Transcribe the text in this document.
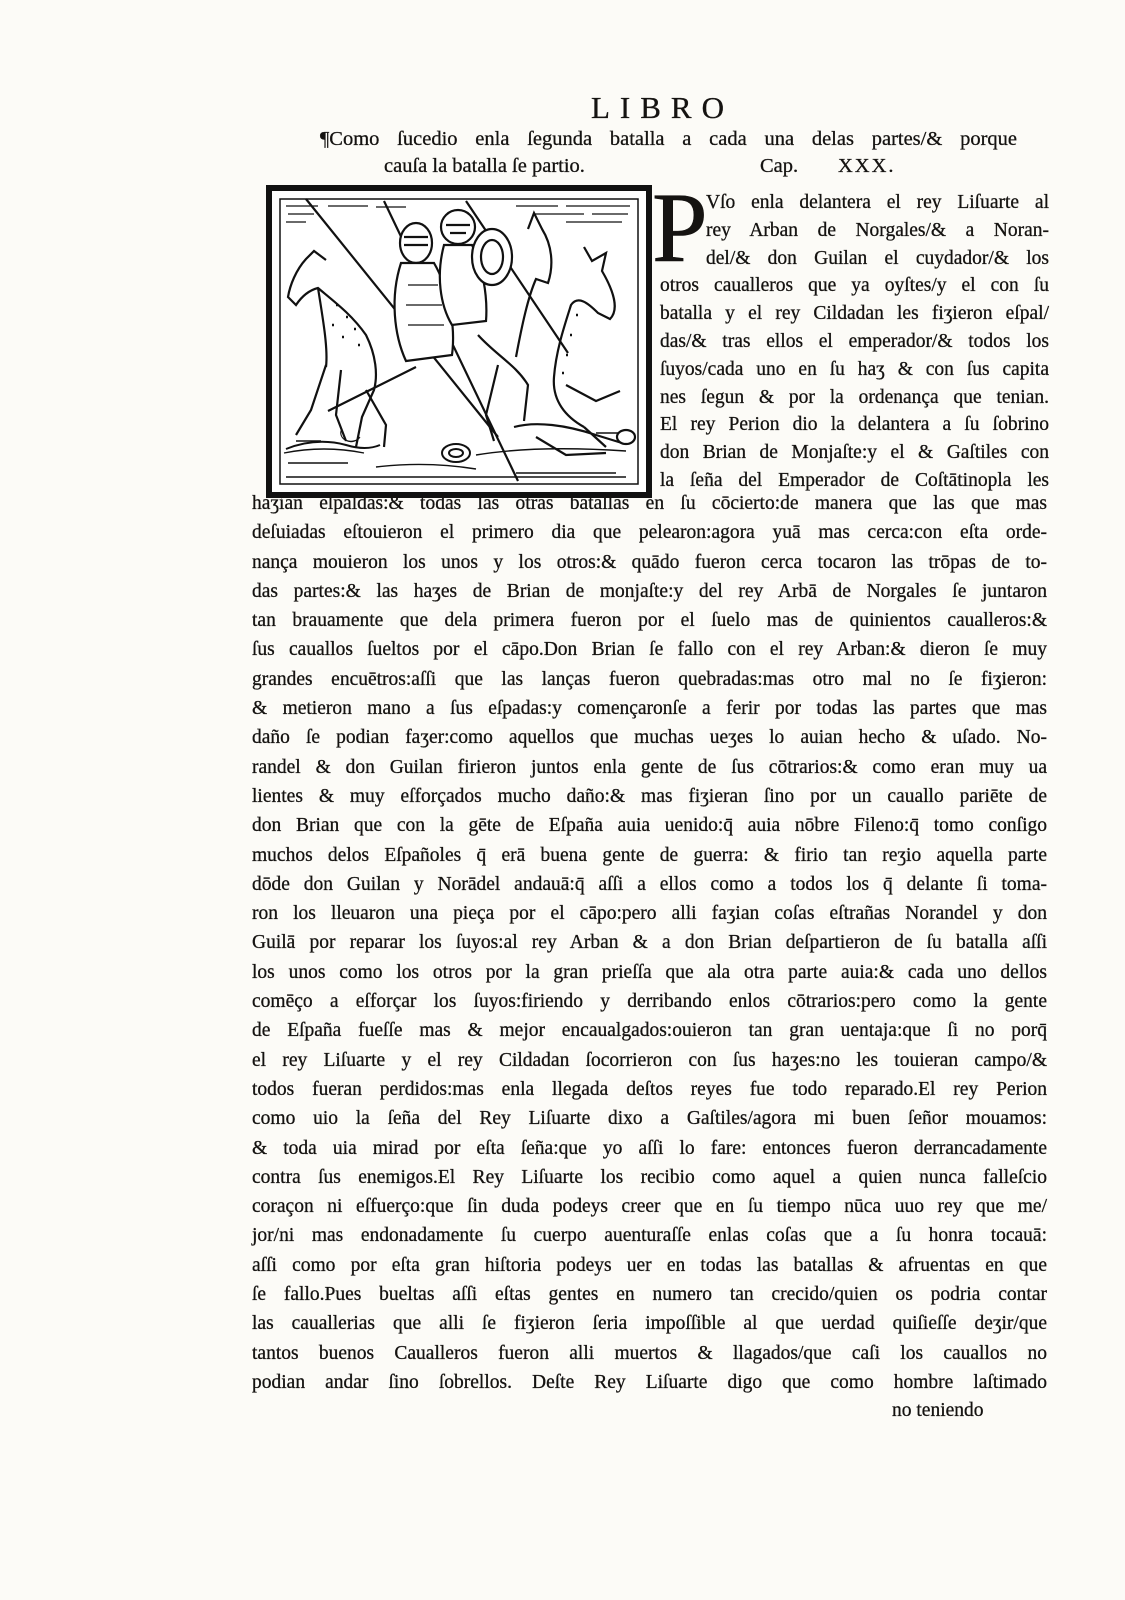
LIBRO
¶Como ſucedio enla ſegunda batalla a cada una delas partes/& porque
cauſa la batalla ſe partio.	Cap. XXX.
P
Vſo enla delantera el rey Liſuarte al
rey Arban de Norgales/& a Noran-
del/& don Guilan el cuydador/& los
otros caualleros que ya oyſtes/y el con ſu
batalla y el rey Cildadan les fiʒieron eſpal/
das/& tras ellos el emperador/& todos los
ſuyos/cada uno en ſu haʒ & con ſus capita
nes ſegun & por la ordenança que tenian.
El rey Perion dio la delantera a ſu ſobrino
don Brian de Monjaſte:y el & Gaſtiles con
la ſeña del Emperador de Coſtātinopla les
haʒian eſpaldas:& todas las otras batallas en ſu cōcierto:de manera que las que mas
deſuiadas eſtouieron el primero dia que pelearon:agora yuā mas cerca:con eſta orde-
nança mouieron los unos y los otros:& quādo fueron cerca tocaron las trōpas de to-
das partes:& las haʒes de Brian de monjaſte:y del rey Arbā de Norgales ſe juntaron
tan brauamente que dela primera fueron por el ſuelo mas de quinientos caualleros:&
ſus cauallos ſueltos por el cāpo.Don Brian ſe fallo con el rey Arban:& dieron ſe muy
grandes encuētros:aſſi que las lanças fueron quebradas:mas otro mal no ſe fiʒieron:
& metieron mano a ſus eſpadas:y començaronſe a ferir por todas las partes que mas
daño ſe podian faʒer:como aquellos que muchas ueʒes lo auian hecho & uſado. No-
randel & don Guilan firieron juntos enla gente de ſus cōtrarios:& como eran muy ua
lientes & muy eſforçados mucho daño:& mas fiʒieran ſino por un cauallo pariēte de
don Brian que con la gēte de Eſpaña auia uenido:q̄ auia nōbre Fileno:q̄ tomo conſigo
muchos delos Eſpañoles q̄ erā buena gente de guerra: & firio tan reʒio aquella parte
dōde don Guilan y Norādel andauā:q̄ aſſi a ellos como a todos los q̄ delante ſi toma-
ron los lleuaron una pieça por el cāpo:pero alli faʒian coſas eſtrañas Norandel y don
Guilā por reparar los ſuyos:al rey Arban & a don Brian deſpartieron de ſu batalla aſſi
los unos como los otros por la gran prieſſa que ala otra parte auia:& cada uno dellos
comēço a eſforçar los ſuyos:firiendo y derribando enlos cōtrarios:pero como la gente
de Eſpaña fueſſe mas & mejor encaualgados:ouieron tan gran uentaja:que ſi no porq̄
el rey Liſuarte y el rey Cildadan ſocorrieron con ſus haʒes:no les touieran campo/&
todos fueran perdidos:mas enla llegada deſtos reyes fue todo reparado.El rey Perion
como uio la ſeña del Rey Liſuarte dixo a Gaſtiles/agora mi buen ſeñor mouamos:
& toda uia mirad por eſta ſeña:que yo aſſi lo fare: entonces fueron derrancadamente
contra ſus enemigos.El Rey Liſuarte los recibio como aquel a quien nunca falleſcio
coraçon ni eſfuerço:que ſin duda podeys creer que en ſu tiempo nūca uuo rey que me/
jor/ni mas endonadamente ſu cuerpo auenturaſſe enlas coſas que a ſu honra tocauā:
aſſi como por eſta gran hiſtoria podeys uer en todas las batallas & afruentas en que
ſe fallo.Pues bueltas aſſi eſtas gentes en numero tan crecido/quien os podria contar
las cauallerias que alli ſe fiʒieron ſeria impoſſible al que uerdad quiſieſſe deʒir/que
tantos buenos Caualleros fueron alli muertos & llagados/que caſi los cauallos no
podian andar ſino ſobrellos. Deſte Rey Liſuarte digo que como hombre laſtimado
no teniendo
